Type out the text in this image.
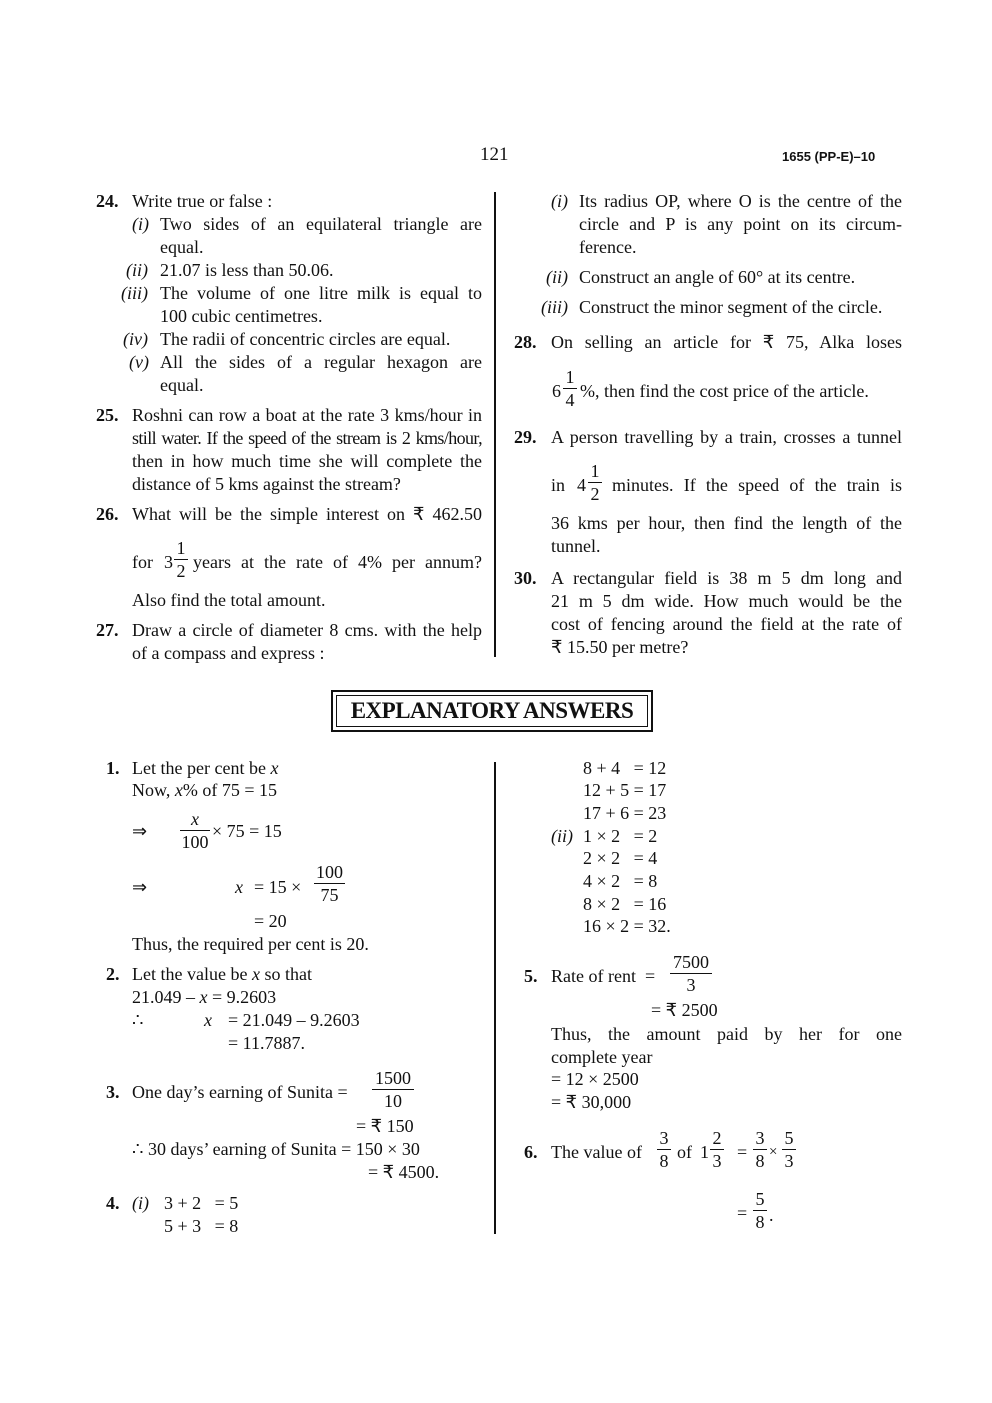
121	1655 (PP-E)–10
24. Write true or false :
(i) Two sides of an equilateral triangle are
equal.
(ii) 21.07 is less than 50.06.
(iii) The volume of one litre milk is equal to
100 cubic centimetres.
(iv) The radii of concentric circles are equal.
(v) All the sides of a regular hexagon are
equal.
25. Roshni can row a boat at the rate 3 kms/hour in
still water. If the speed of the stream is 2 kms/hour,
then in how much time she will complete the
distance of 5 kms against the stream?
26. What will be the simple interest on ₹ 462.50
for 3
1
2 years at the rate of 4% per annum?
Also find the total amount.
27. Draw a circle of diameter 8 cms. with the help
of a compass and express :
(i) Its radius OP, where O is the centre of the
circle and P is any point on its circum-
ference.
(ii) Construct an angle of 60° at its centre.
(iii) Construct the minor segment of the circle.
28. On selling an article for ₹ 75, Alka loses
6
1
4 %, then find the cost price of the article.
29. A person travelling by a train, crosses a tunnel
in 4
1
2 minutes. If the speed of the train is
36 kms per hour, then find the length of the
tunnel.
30. A rectangular field is 38 m 5 dm long and
21 m 5 dm wide. How much would be the
cost of fencing around the field at the rate of
₹ 15.50 per metre?
EXPLANATORY ANSWERS
1. Let the per cent be x
Now, x% of 75 = 15
⇒
x
100
× 75 = 15
⇒	x = 15 ×
100
75
= 20
Thus, the required per cent is 20.
2. Let the value be x so that
21.049 – x = 9.2603
∴	x = 21.049 – 9.2603
= 11.7887.
3. One day’s earning of Sunita =
1500
10
= ₹ 150
∴ 30 days’ earning of Sunita = 150 × 30
= ₹ 4500.
4. (i) 3 + 2   = 5
5 + 3   = 8
8 + 4   = 12
12 + 5 = 17
17 + 6 = 23
(ii) 1 × 2   = 2
2 × 2   = 4
4 × 2   = 8
8 × 2   = 16
16 × 2 = 32.
5. Rate of rent  =
7500
3
= ₹ 2500
Thus, the amount paid by her for one
complete year
= 12 × 2500
= ₹ 30,000
6. The value of
3
8 of 1
2
3 =
3
8 ×
5
3
=
5
8 .
